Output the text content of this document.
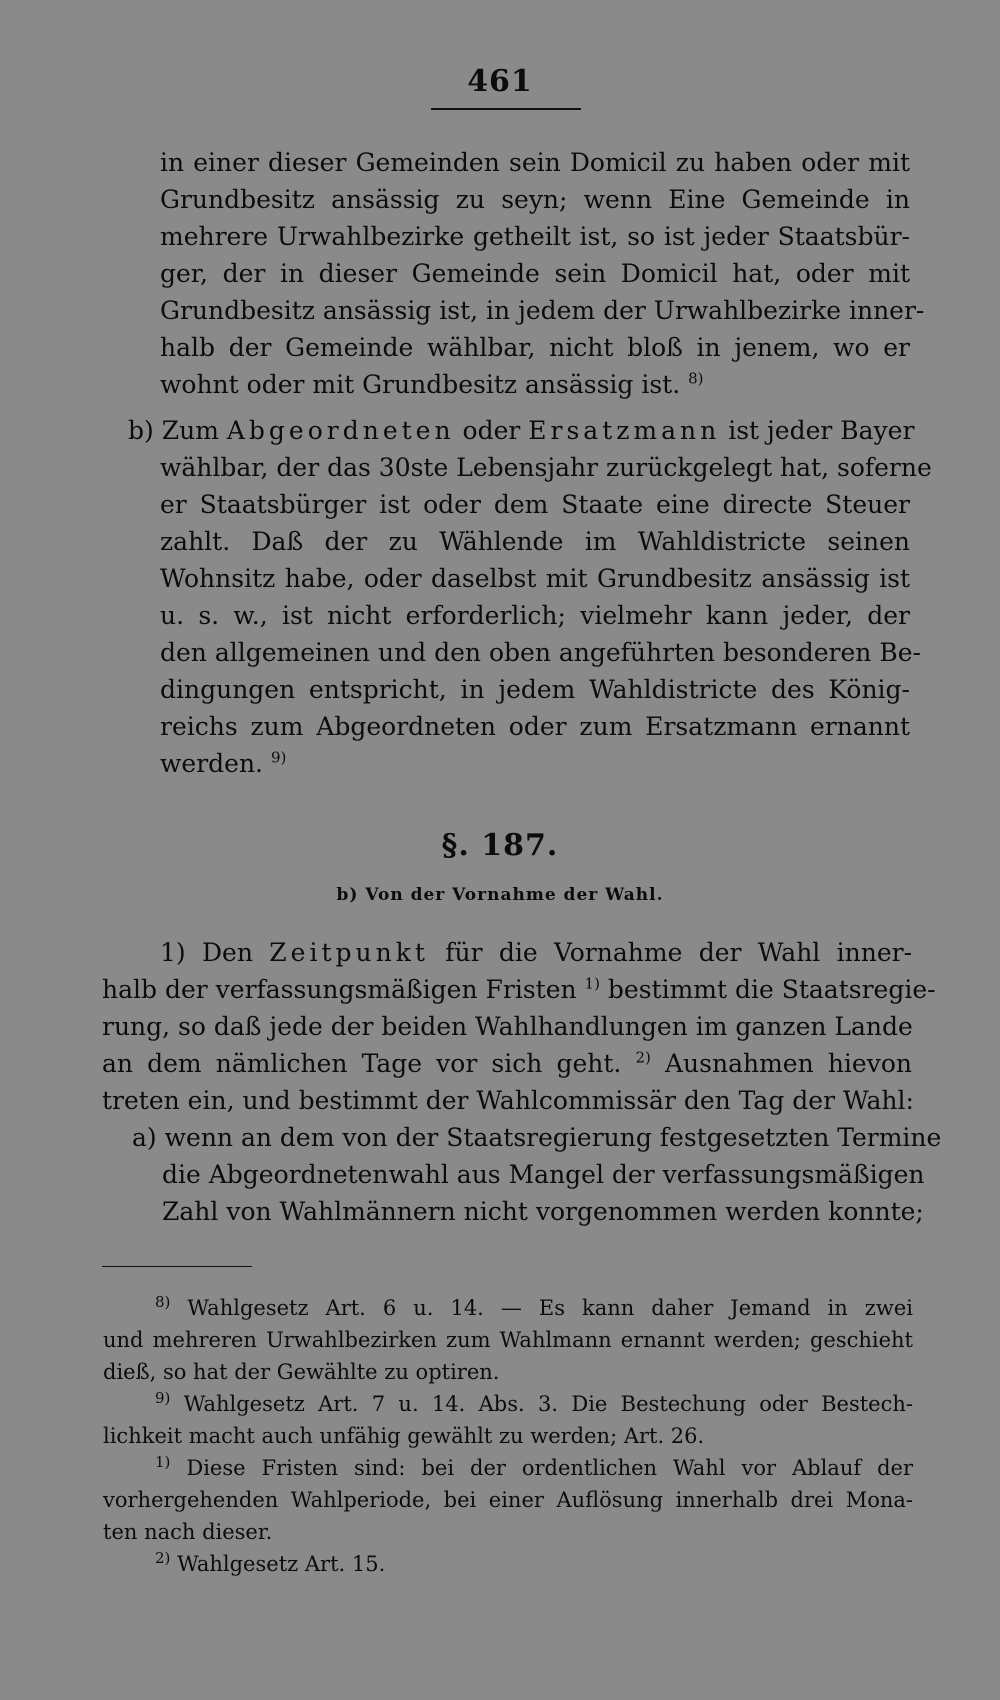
461
in einer dieser Gemeinden sein Domicil zu haben oder mit
Grundbesitz ansässig zu seyn; wenn Eine Gemeinde in
mehrere Urwahlbezirke getheilt ist, so ist jeder Staatsbür-
ger, der in dieser Gemeinde sein Domicil hat, oder mit
Grundbesitz ansässig ist, in jedem der Urwahlbezirke inner-
halb der Gemeinde wählbar, nicht bloß in jenem, wo er
wohnt oder mit Grundbesitz ansässig ist. $^{8)}$
b) Zum Abgeordneten oder Ersatzmann ist jeder Bayer
wählbar, der das 30ste Lebensjahr zurückgelegt hat, soferne
er Staatsbürger ist oder dem Staate eine directe Steuer
zahlt. Daß der zu Wählende im Wahldistricte seinen
Wohnsitz habe, oder daselbst mit Grundbesitz ansässig ist
u. s. w., ist nicht erforderlich; vielmehr kann jeder, der
den allgemeinen und den oben angeführten besonderen Be-
dingungen entspricht, in jedem Wahldistricte des König-
reichs zum Abgeordneten oder zum Ersatzmann ernannt
werden. $^{9)}$
§. 187.
b) Von der Vornahme der Wahl.
1) Den Zeitpunkt für die Vornahme der Wahl inner-
halb der verfassungsmäßigen Fristen $^{1)}$ bestimmt die Staatsregie-
rung, so daß jede der beiden Wahlhandlungen im ganzen Lande
an dem nämlichen Tage vor sich geht. $^{2)}$ Ausnahmen hievon
treten ein, und bestimmt der Wahlcommissär den Tag der Wahl:
a) wenn an dem von der Staatsregierung festgesetzten Termine
die Abgeordnetenwahl aus Mangel der verfassungsmäßigen
Zahl von Wahlmännern nicht vorgenommen werden konnte;
$^{8)}$ Wahlgesetz Art. 6 u. 14. — Es kann daher Jemand in zwei
und mehreren Urwahlbezirken zum Wahlmann ernannt werden; geschieht
dieß, so hat der Gewählte zu optiren.
$^{9)}$ Wahlgesetz Art. 7 u. 14. Abs. 3. Die Bestechung oder Bestech-
lichkeit macht auch unfähig gewählt zu werden; Art. 26.
$^{1)}$ Diese Fristen sind: bei der ordentlichen Wahl vor Ablauf der
vorhergehenden Wahlperiode, bei einer Auflösung innerhalb drei Mona-
ten nach dieser.
$^{2)}$ Wahlgesetz Art. 15.
